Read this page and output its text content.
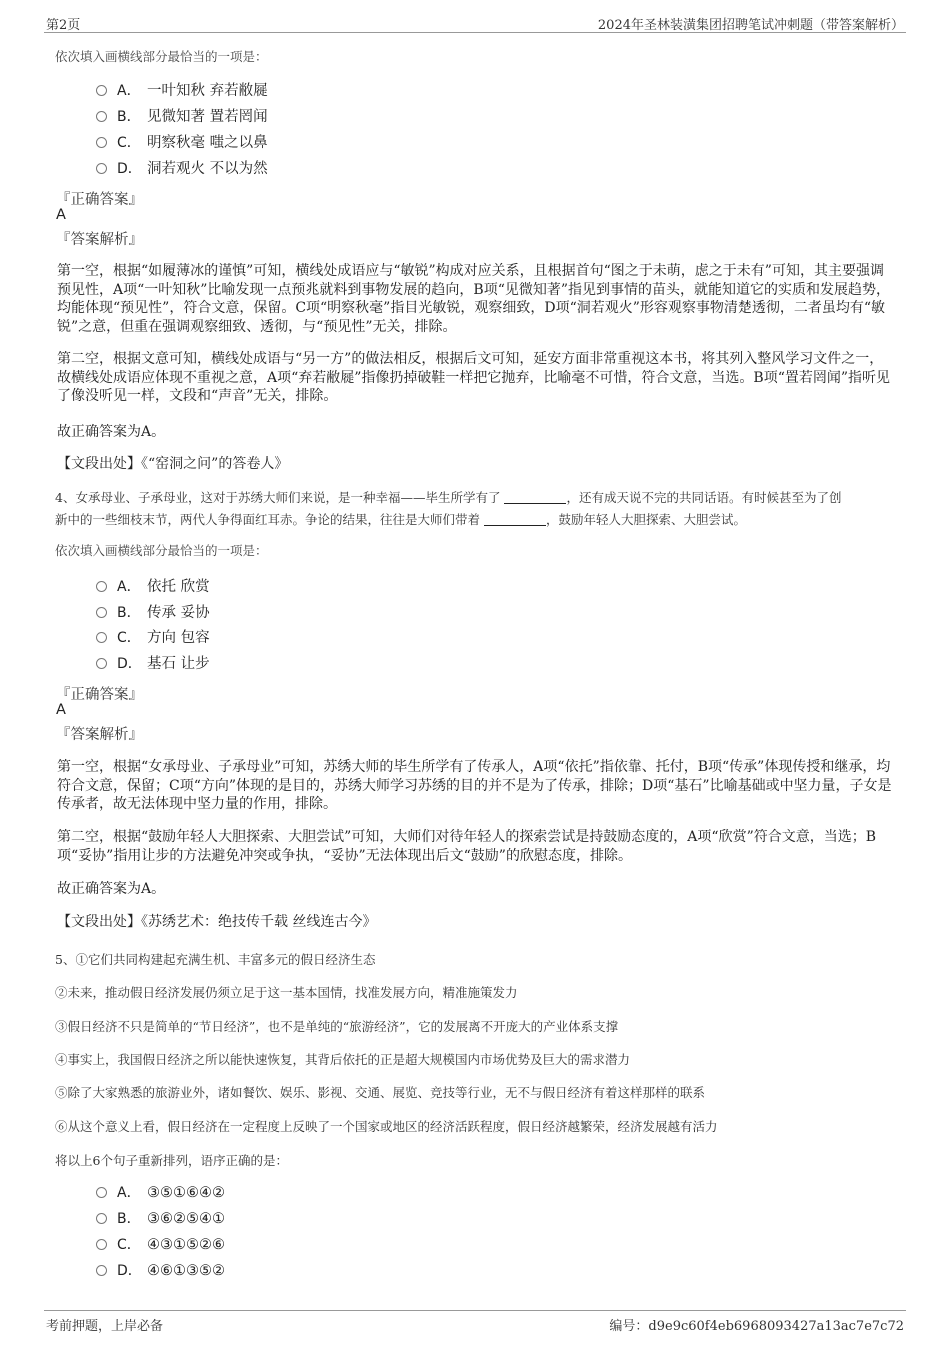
第2页	2024年圣林装潢集团招聘笔试冲刺题（带答案解析）
依次填入画横线部分最恰当的一项是：
A． 一叶知秋 弃若敝屣
B． 见微知著 置若罔闻
C． 明察秋毫 嗤之以鼻
D． 洞若观火 不以为然
『正确答案』
A
『答案解析』
第一空，根据“如履薄冰的谨慎”可知，横线处成语应与“敏锐”构成对应关系，且根据首句“图之于未萌，虑之于未有”可知，其主要强调预见性，A项“一叶知秋”比喻发现一点预兆就料到事物发展的趋向，B项“见微知著”指见到事情的苗头，就能知道它的实质和发展趋势，均能体现“预见性”，符合文意，保留。C项“明察秋毫”指目光敏锐，观察细致，D项“洞若观火”形容观察事物清楚透彻，二者虽均有“敏锐”之意，但重在强调观察细致、透彻，与“预见性”无关，排除。
第二空，根据文意可知，横线处成语与“另一方”的做法相反，根据后文可知，延安方面非常重视这本书，将其列入整风学习文件之一，故横线处成语应体现不重视之意，A项“弃若敝屣”指像扔掉破鞋一样把它抛弃，比喻毫不可惜，符合文意，当选。B项“置若罔闻”指听见了像没听见一样，文段和“声音”无关，排除。
故正确答案为A。
【文段出处】《“窑洞之问”的答卷人》
4、女承母业、子承母业，这对于苏绣大师们来说，是一种幸福——毕生所学有了	，还有成天说不完的共同话语。有时候甚至为了创
新中的一些细枝末节，两代人争得面红耳赤。争论的结果，往往是大师们带着	，鼓励年轻人大胆探索、大胆尝试。
依次填入画横线部分最恰当的一项是：
A． 依托 欣赏
B． 传承 妥协
C． 方向 包容
D． 基石 让步
『正确答案』
A
『答案解析』
第一空，根据“女承母业、子承母业”可知，苏绣大师的毕生所学有了传承人，A项“依托”指依靠、托付，B项“传承”体现传授和继承，均符合文意，保留；C项“方向”体现的是目的，苏绣大师学习苏绣的目的并不是为了传承，排除；D项“基石”比喻基础或中坚力量，子女是传承者，故无法体现中坚力量的作用，排除。
第二空，根据“鼓励年轻人大胆探索、大胆尝试”可知，大师们对待年轻人的探索尝试是持鼓励态度的，A项“欣赏”符合文意，当选；B项“妥协”指用让步的方法避免冲突或争执，“妥协”无法体现出后文“鼓励”的欣慰态度，排除。
故正确答案为A。
【文段出处】《苏绣艺术：绝技传千载 丝线连古今》
5、①它们共同构建起充满生机、丰富多元的假日经济生态
②未来，推动假日经济发展仍须立足于这一基本国情，找准发展方向，精准施策发力
③假日经济不只是简单的“节日经济”，也不是单纯的“旅游经济”，它的发展离不开庞大的产业体系支撑
④事实上，我国假日经济之所以能快速恢复，其背后依托的正是超大规模国内市场优势及巨大的需求潜力
⑤除了大家熟悉的旅游业外，诸如餐饮、娱乐、影视、交通、展览、竞技等行业，无不与假日经济有着这样那样的联系
⑥从这个意义上看，假日经济在一定程度上反映了一个国家或地区的经济活跃程度，假日经济越繁荣，经济发展越有活力
将以上6个句子重新排列，语序正确的是：
A． ③⑤①⑥④②
B． ③⑥②⑤④①
C． ④③①⑤②⑥
D． ④⑥①③⑤②
考前押题，上岸必备	编号：d9e9c60f4eb6968093427a13ac7e7c72
